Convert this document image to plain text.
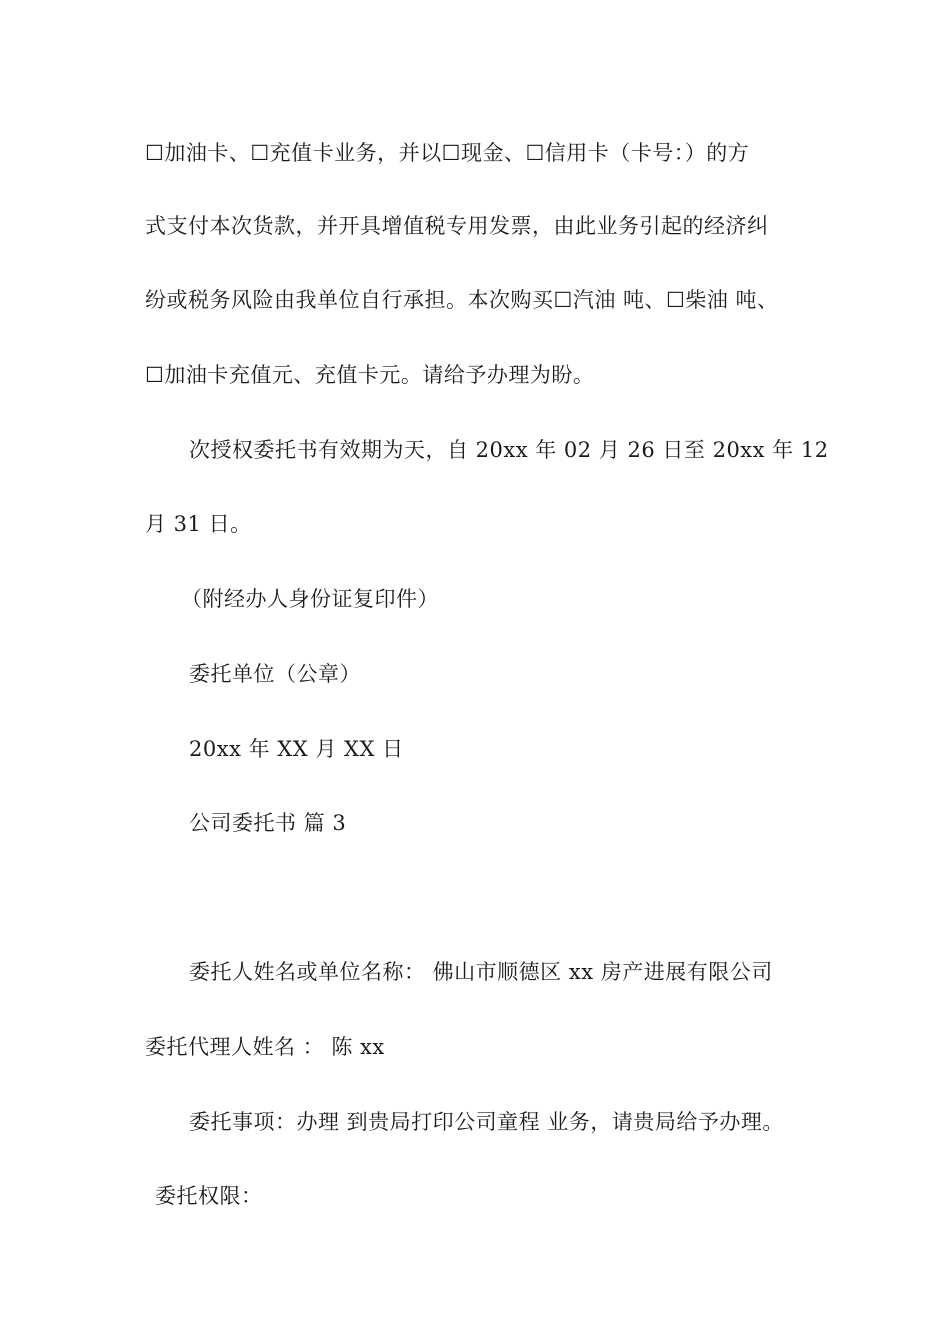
☐加油卡、☐充值卡业务，并以☐现金、☐信用卡（卡号：）的方
式支付本次货款，并开具增值税专用发票，由此业务引起的经济纠
纷或税务风险由我单位自行承担。本次购买☐汽油 吨、☐柴油 吨、
☐加油卡充值元、充值卡元。请给予办理为盼。
次授权委托书有效期为天，自 20xx 年 02 月 26 日至 20xx 年 12
月 31 日。
（附经办人身份证复印件）
委托单位（公章）
20xx 年 XX 月 XX 日
公司委托书 篇 3
委托人姓名或单位名称： 佛山市顺德区 xx 房产进展有限公司
委托代理人姓名 ： 陈 xx
委托事项：办理 到贵局打印公司童程 业务，请贵局给予办理。
委托权限：
